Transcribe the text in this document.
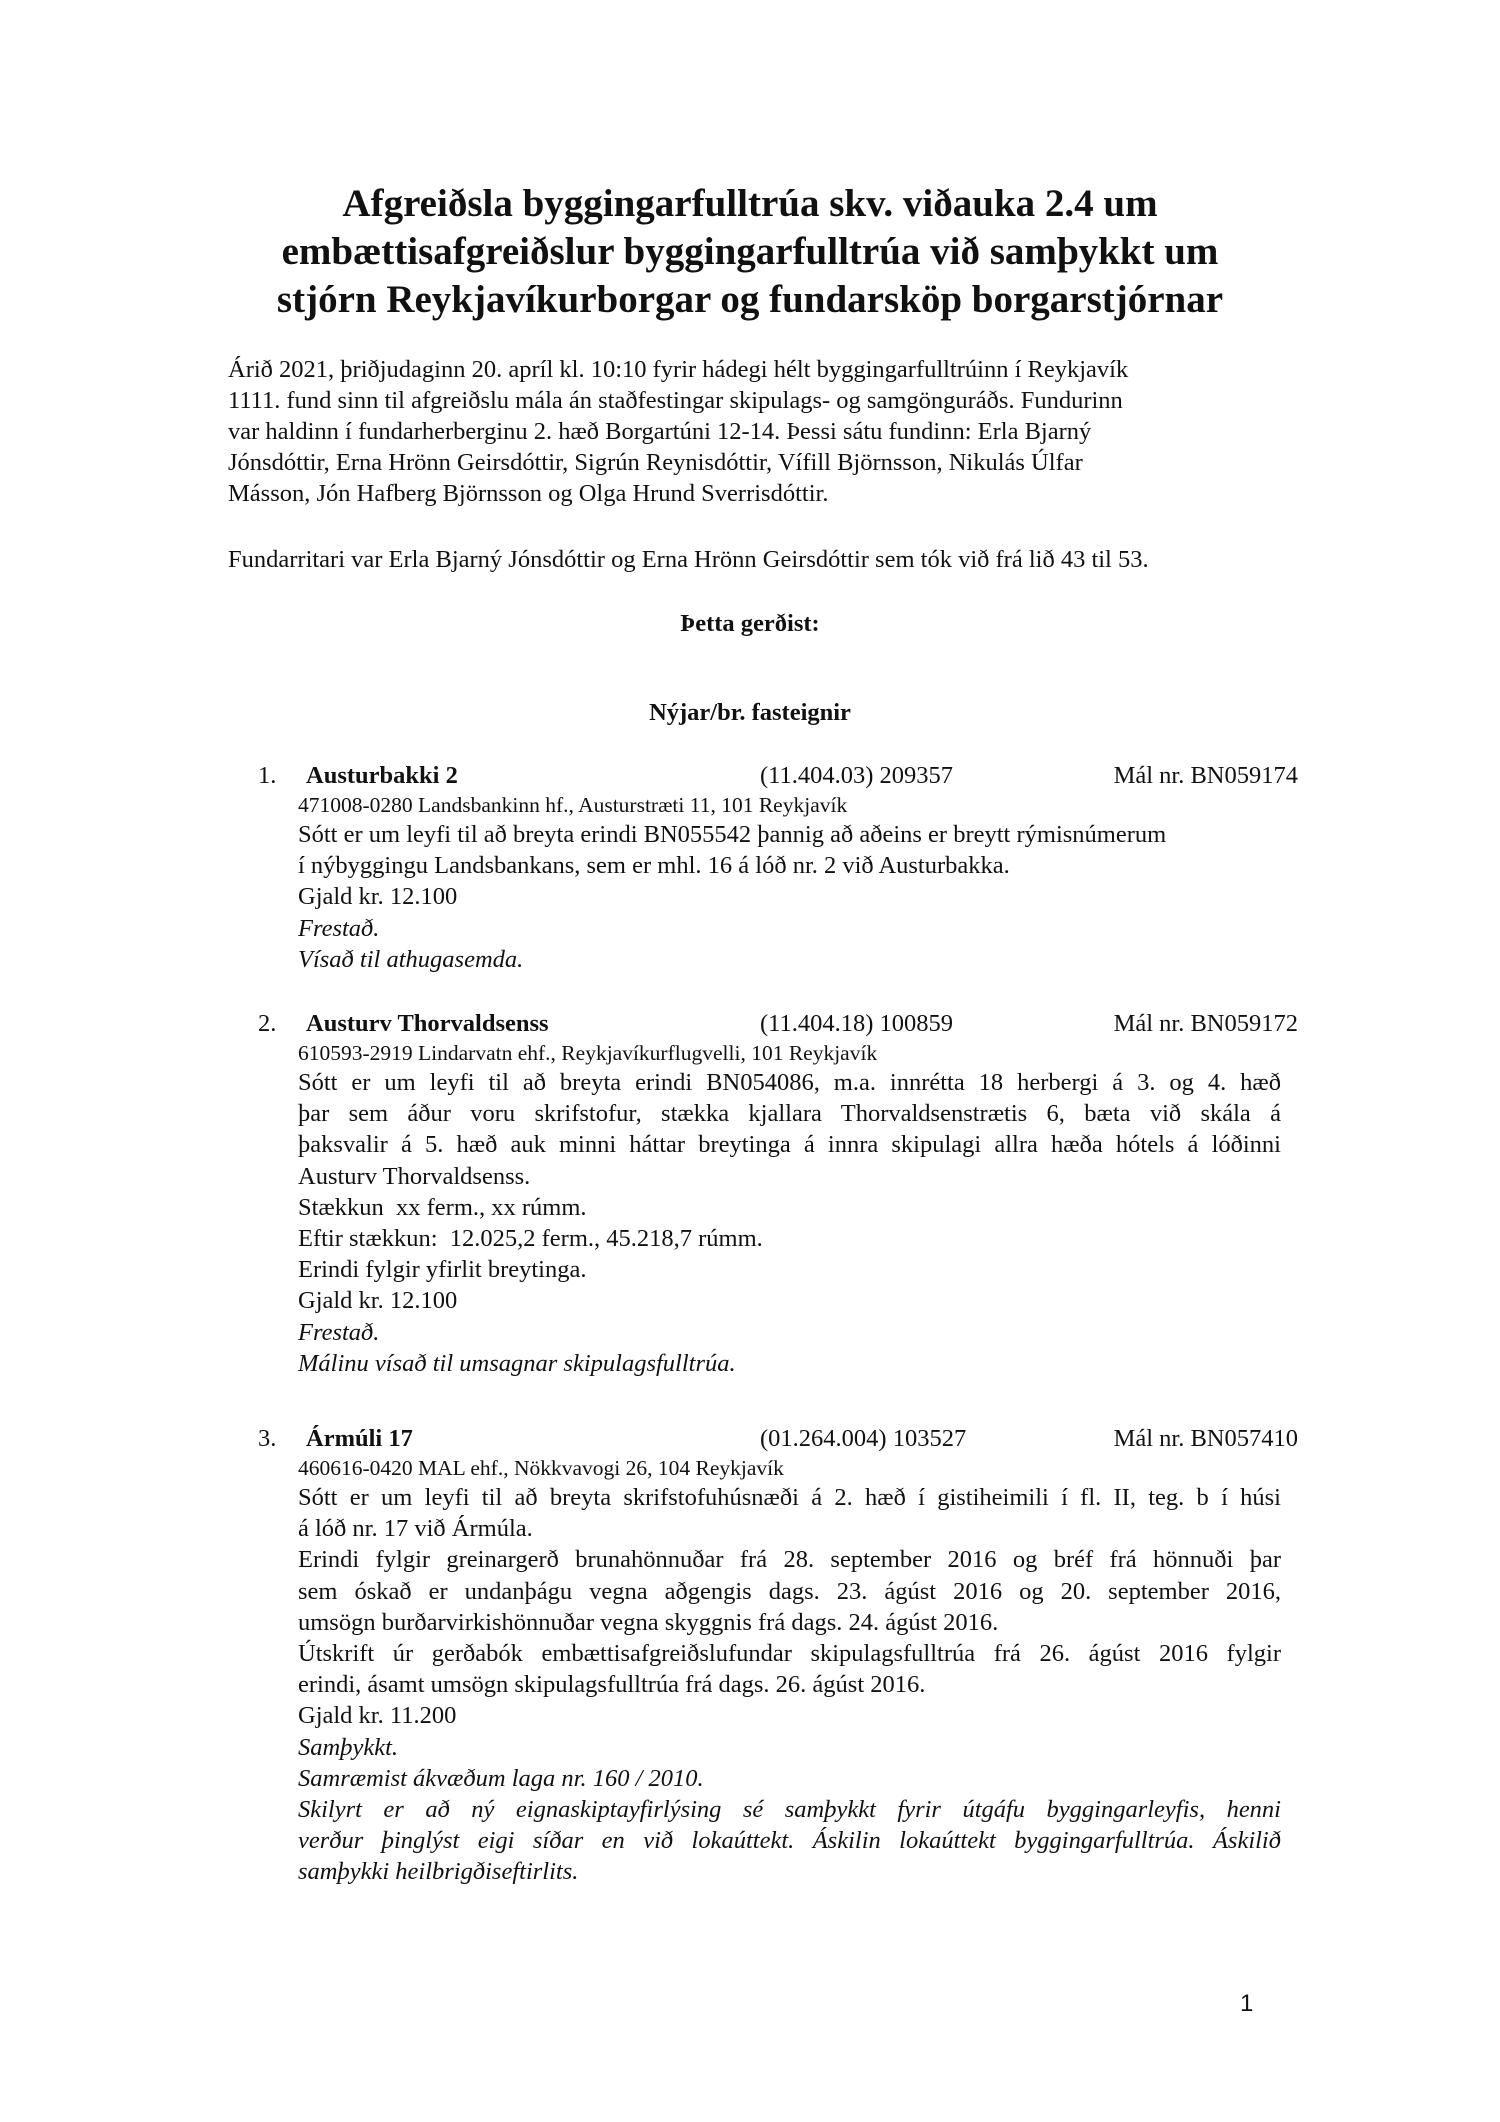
Afgreiðsla byggingarfulltrúa skv. viðauka 2.4 um
embættisafgreiðslur byggingarfulltrúa við samþykkt um
stjórn Reykjavíkurborgar og fundarsköp borgarstjórnar
Árið 2021, þriðjudaginn 20. apríl kl. 10:10 fyrir hádegi hélt byggingarfulltrúinn í Reykjavík
1111. fund sinn til afgreiðslu mála án staðfestingar skipulags- og samgönguráðs. Fundurinn
var haldinn í fundarherberginu 2. hæð Borgartúni 12-14. Þessi sátu fundinn: Erla Bjarný
Jónsdóttir, Erna Hrönn Geirsdóttir, Sigrún Reynisdóttir, Vífill Björnsson, Nikulás Úlfar
Másson, Jón Hafberg Björnsson og Olga Hrund Sverrisdóttir.
Fundarritari var Erla Bjarný Jónsdóttir og Erna Hrönn Geirsdóttir sem tók við frá lið 43 til 53.
Þetta gerðist:
Nýjar/br. fasteignir
1. Austurbakki 2	(11.404.03) 209357	Mál nr. BN059174
471008-0280 Landsbankinn hf., Austurstræti 11, 101 Reykjavík
Sótt er um leyfi til að breyta erindi BN055542 þannig að aðeins er breytt rýmisnúmerum
í nýbyggingu Landsbankans, sem er mhl. 16 á lóð nr. 2 við Austurbakka.
Gjald kr. 12.100
Frestað.
Vísað til athugasemda.
2. Austurv Thorvaldsenss	(11.404.18) 100859	Mál nr. BN059172
610593-2919 Lindarvatn ehf., Reykjavíkurflugvelli, 101 Reykjavík
Sótt er um leyfi til að breyta erindi BN054086, m.a. innrétta 18 herbergi á 3. og 4. hæð
þar sem áður voru skrifstofur, stækka kjallara Thorvaldsenstrætis 6, bæta við skála á
þaksvalir á 5. hæð auk minni háttar breytinga á innra skipulagi allra hæða hótels á lóðinni
Austurv Thorvaldsenss.
Stækkun  xx ferm., xx rúmm.
Eftir stækkun:  12.025,2 ferm., 45.218,7 rúmm.
Erindi fylgir yfirlit breytinga.
Gjald kr. 12.100
Frestað.
Málinu vísað til umsagnar skipulagsfulltrúa.
3. Ármúli 17	(01.264.004) 103527	Mál nr. BN057410
460616-0420 MAL ehf., Nökkvavogi 26, 104 Reykjavík
Sótt er um leyfi til að breyta skrifstofuhúsnæði á 2. hæð í gistiheimili í fl. II, teg. b í húsi
á lóð nr. 17 við Ármúla.
Erindi fylgir greinargerð brunahönnuðar frá 28. september 2016 og bréf frá hönnuði þar
sem óskað er undanþágu vegna aðgengis dags. 23. ágúst 2016 og 20. september 2016,
umsögn burðarvirkishönnuðar vegna skyggnis frá dags. 24. ágúst 2016.
Útskrift úr gerðabók embættisafgreiðslufundar skipulagsfulltrúa frá 26. ágúst 2016 fylgir
erindi, ásamt umsögn skipulagsfulltrúa frá dags. 26. ágúst 2016.
Gjald kr. 11.200
Samþykkt.
Samræmist ákvæðum laga nr. 160 / 2010.
Skilyrt er að ný eignaskiptayfirlýsing sé samþykkt fyrir útgáfu byggingarleyfis, henni
verður þinglýst eigi síðar en við lokaúttekt. Áskilin lokaúttekt byggingarfulltrúa. Áskilið
samþykki heilbrigðiseftirlits.
1
